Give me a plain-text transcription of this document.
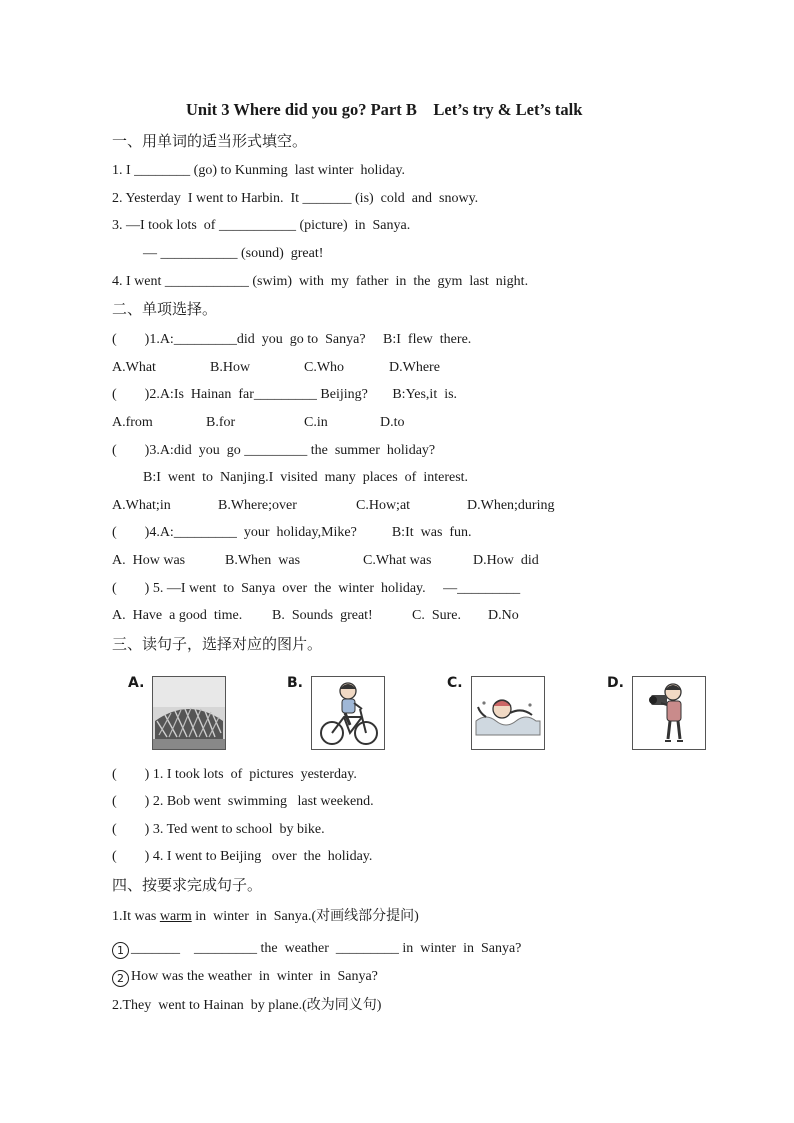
Unit 3 Where did you go? Part B    Let’s try & Let’s talk
一、用单词的适当形式填空。
1. I ________ (go) to Kunming  last winter  holiday.
2. Yesterday  I went to Harbin.  It _______ (is)  cold  and  snowy.
3. —I took lots  of ___________ (picture)  in  Sanya.
— ___________ (sound)  great!
4. I went ____________ (swim)  with  my  father  in  the  gym  last  night.
二、单项选择。
(        )1.A:_________did  you  go to  Sanya?     B:I  flew  there.
A.What	B.How	C.Who	D.Where
(        )2.A:Is  Hainan  far_________ Beijing?       B:Yes,it  is.
A.from	B.for	C.in	D.to
(        )3.A:did  you  go _________ the  summer  holiday?
B:I  went  to  Nanjing.I  visited  many  places  of  interest.
A.What;in	B.Where;over	C.How;at	D.When;during
(        )4.A:_________  your  holiday,Mike?          B:It  was  fun.
A.  How was	B.When  was	C.What was	D.How  did
(        ) 5. —I went  to  Sanya  over  the  winter  holiday.     —_________
A.  Have  a good  time. B.  Sounds  great!	C.  Sure. D.No
三、读句子，选择对应的图片。
A.	B.	C.	D.
(        ) 1. I took lots  of  pictures  yesterday.
(        ) 2. Bob went  swimming   last weekend.
(        ) 3. Ted went to school  by bike.
(        ) 4. I went to Beijing   over  the  holiday.
四、按要求完成句子。
1.It was warm in  winter  in  Sanya.(对画线部分提问)
1 _______    _________ the  weather  _________ in  winter  in  Sanya?
2 How was the weather  in  winter  in  Sanya?
2.They  went to Hainan  by plane.(改为同义句)
